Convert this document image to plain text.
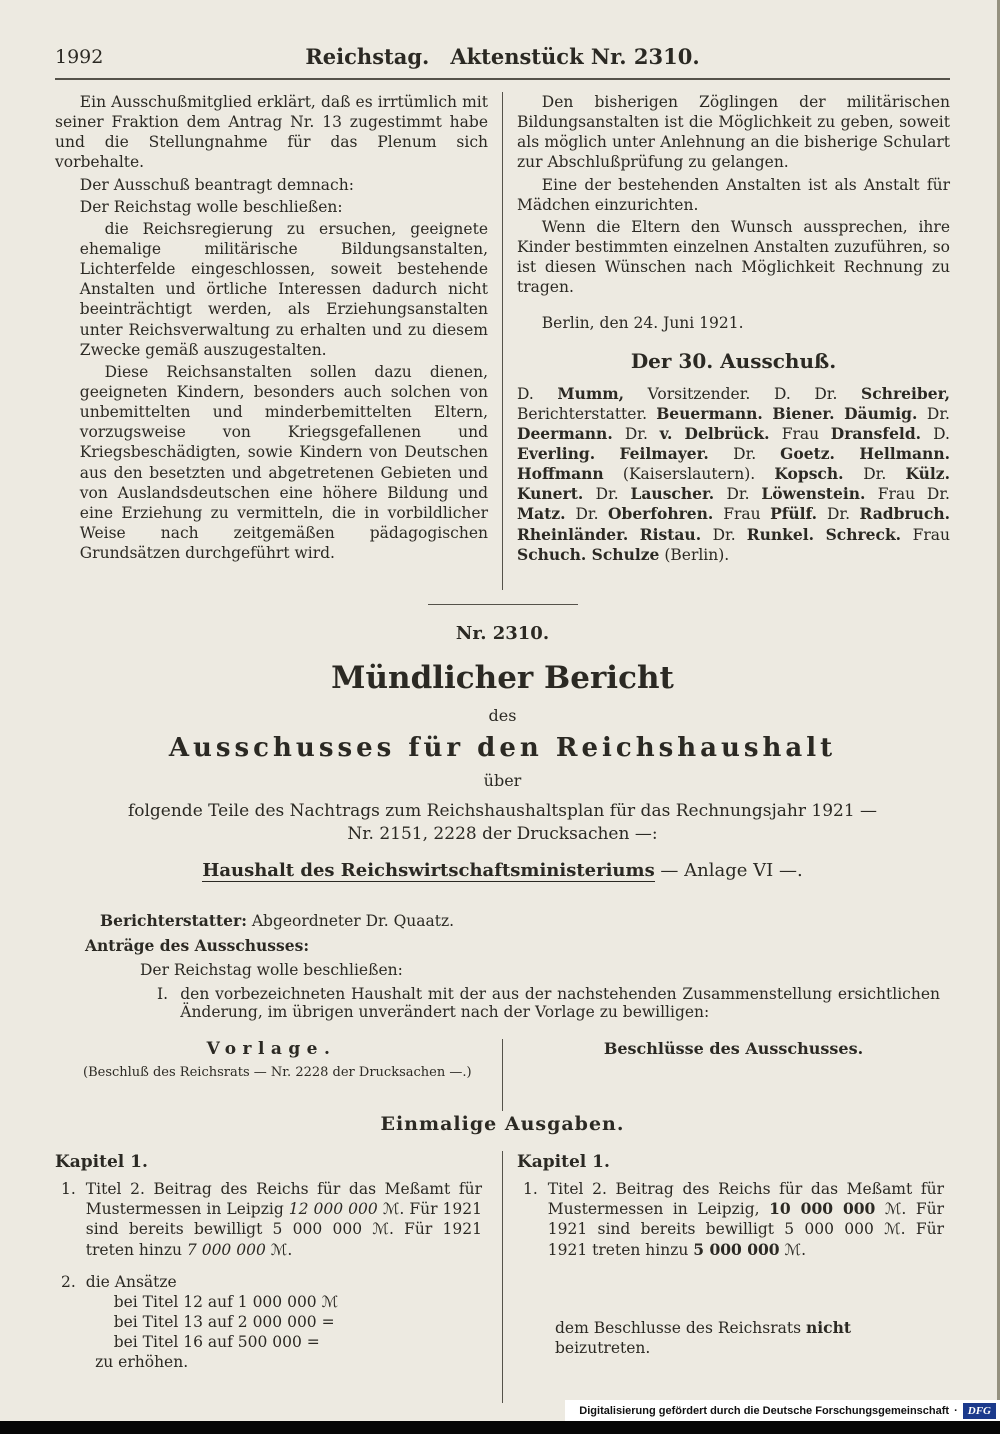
1992	Reichstag. Aktenstück Nr. 2310.

Ein Ausschußmitglied erklärt, daß es irrtümlich mit seiner Fraktion dem Antrag Nr. 13 zugestimmt habe und die Stellungnahme für das Plenum sich vorbehalte.

Der Ausschuß beantragt demnach:

Der Reichstag wolle beschließen:

die Reichsregierung zu ersuchen, geeignete ehemalige militärische Bildungsanstalten, Lichterfelde eingeschlossen, soweit bestehende Anstalten und örtliche Interessen dadurch nicht beeinträchtigt werden, als Erziehungsanstalten unter Reichsverwaltung zu erhalten und zu diesem Zwecke gemäß auszugestalten.

Diese Reichsanstalten sollen dazu dienen, geeigneten Kindern, besonders auch solchen von unbemittelten und minderbemittelten Eltern, vorzugsweise von Kriegsgefallenen und Kriegsbeschädigten, sowie Kindern von Deutschen aus den besetzten und abgetretenen Gebieten und von Auslandsdeutschen eine höhere Bildung und eine Erziehung zu vermitteln, die in vorbildlicher Weise nach zeitgemäßen pädagogischen Grundsätzen durchgeführt wird.

Den bisherigen Zöglingen der militärischen Bildungsanstalten ist die Möglichkeit zu geben, soweit als möglich unter Anlehnung an die bisherige Schulart zur Abschlußprüfung zu gelangen.

Eine der bestehenden Anstalten ist als Anstalt für Mädchen einzurichten.

Wenn die Eltern den Wunsch aussprechen, ihre Kinder bestimmten einzelnen Anstalten zuzuführen, so ist diesen Wünschen nach Möglichkeit Rechnung zu tragen.

Berlin, den 24. Juni 1921.

Der 30. Ausschuß.

D. Mumm, Vorsitzender. D. Dr. Schreiber, Berichterstatter. Beuermann. Biener. Däumig. Dr. Deermann. Dr. v. Delbrück. Frau Dransfeld. D. Everling. Feilmayer. Dr. Goetz. Hellmann. Hoffmann (Kaiserslautern). Kopsch. Dr. Külz. Kunert. Dr. Lauscher. Dr. Löwenstein. Frau Dr. Matz. Dr. Oberfohren. Frau Pfülf. Dr. Radbruch. Rheinländer. Ristau. Dr. Runkel. Schreck. Frau Schuch. Schulze (Berlin).

Nr. 2310.
Mündlicher Bericht
des
Ausschusses für den Reichshaushalt
über

folgende Teile des Nachtrags zum Reichshaushaltsplan für das Rechnungsjahr 1921 — Nr. 2151, 2228 der Drucksachen —:

Haushalt des Reichswirtschaftsministeriums — Anlage VI —.

Berichterstatter: Abgeordneter Dr. Quaatz.

Anträge des Ausschusses:

Der Reichstag wolle beschließen:

I. den vorbezeichneten Haushalt mit der aus der nachstehenden Zusammenstellung ersichtlichen Änderung, im übrigen unverändert nach der Vorlage zu bewilligen:

Vorlage.
(Beschluß des Reichsrats — Nr. 2228 der Drucksachen —.)
Beschlüsse des Ausschusses.
Einmalige Ausgaben.
Kapitel 1.
1. Titel 2. Beitrag des Reichs für das Meßamt für Mustermessen in Leipzig 12 000 000 ℳ. Für 1921 sind bereits bewilligt 5 000 000 ℳ. Für 1921 treten hinzu 7 000 000 ℳ.
2. die Ansätze
bei Titel 12 auf 1 000 000 ℳ
bei Titel 13 auf 2 000 000 =
bei Titel 16 auf 500 000 =
zu erhöhen.
Kapitel 1.
1. Titel 2. Beitrag des Reichs für das Meßamt für Mustermessen in Leipzig, 10 000 000 ℳ. Für 1921 sind bereits bewilligt 5 000 000 ℳ. Für 1921 treten hinzu 5 000 000 ℳ.

dem Beschlusse des Reichsrats nicht beizutreten.

Digitalisierung gefördert durch die Deutsche Forschungsgemeinschaft · DFG
